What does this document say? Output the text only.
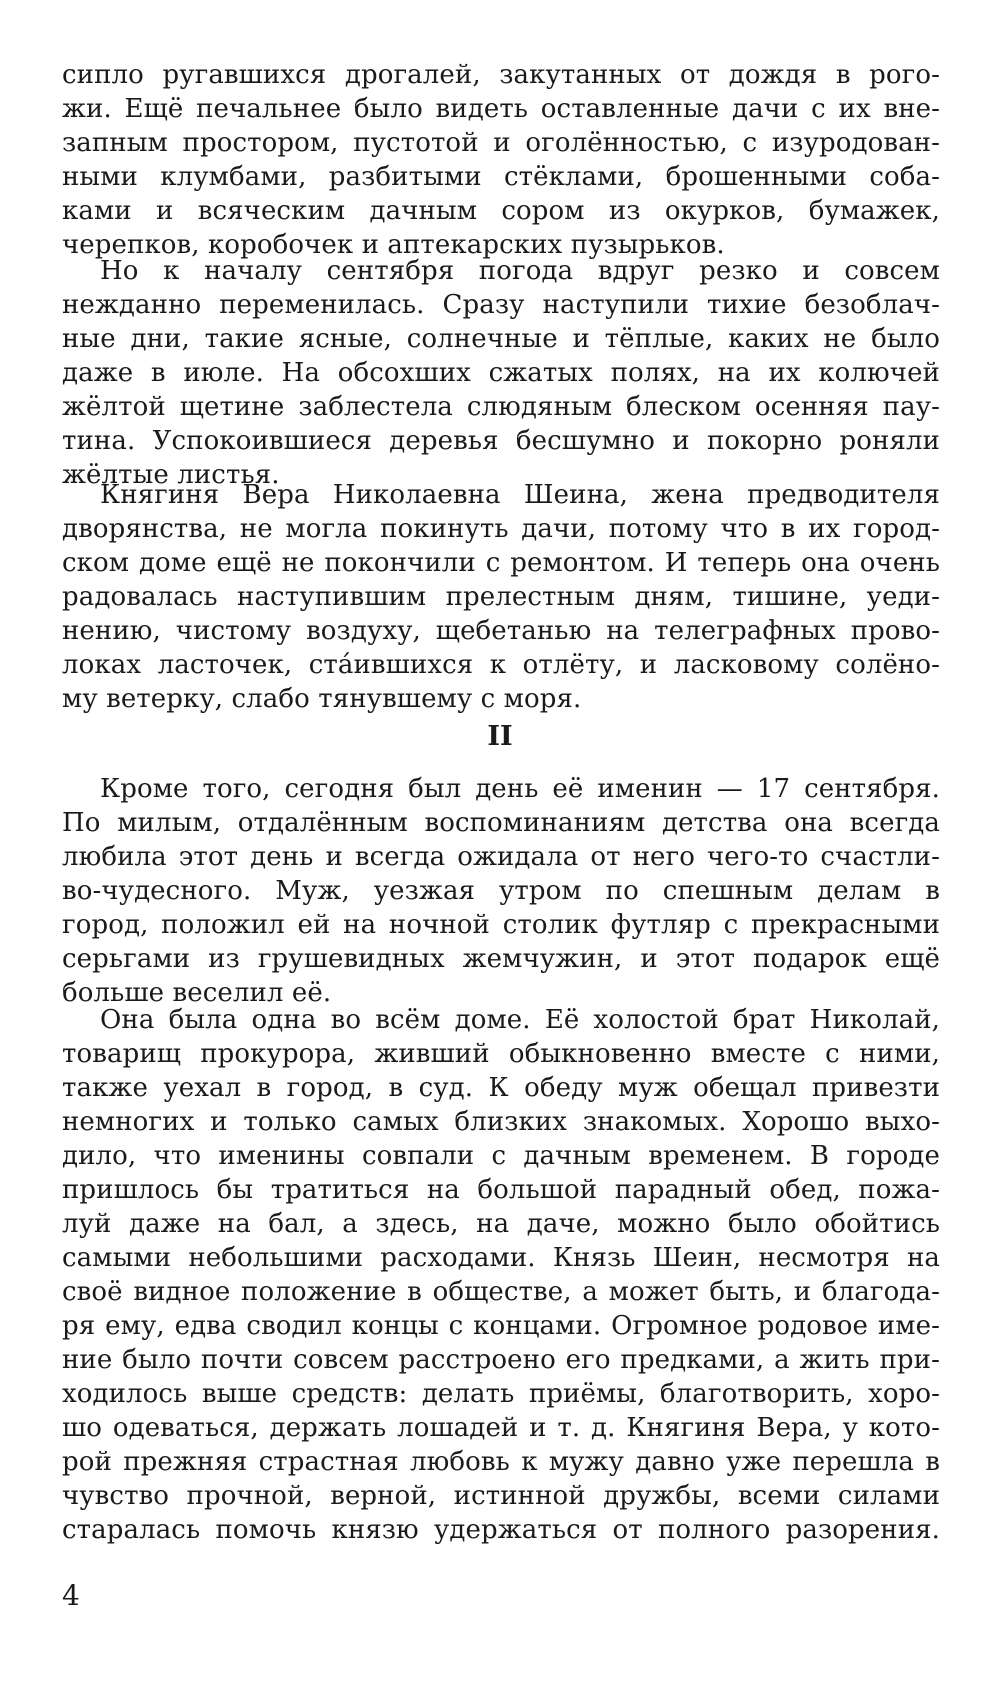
сипло ругавшихся дрогалей, закутанных от дождя в рого-
жи. Ещё печальнее было видеть оставленные дачи с их вне-
запным простором, пустотой и оголённостью, с изуродован-
ными клумбами, разбитыми стёклами, брошенными соба-
ками и всяческим дачным сором из окурков, бумажек,
черепков, коробочек и аптекарских пузырьков.
Но к началу сентября погода вдруг резко и совсем
нежданно переменилась. Сразу наступили тихие безоблач-
ные дни, такие ясные, солнечные и тёплые, каких не было
даже в июле. На обсохших сжатых полях, на их колючей
жёлтой щетине заблестела слюдяным блеском осенняя пау-
тина. Успокоившиеся деревья бесшумно и покорно роняли
жёлтые листья.
Княгиня Вера Николаевна Шеина, жена предводителя
дворянства, не могла покинуть дачи, потому что в их город-
ском доме ещё не покончили с ремонтом. И теперь она очень
радовалась наступившим прелестным дням, тишине, уеди-
нению, чистому воздуху, щебетанью на телеграфных прово-
локах ласточек, ста́ившихся к отлёту, и ласковому солёно-
му ветерку, слабо тянувшему с моря.
II
Кроме того, сегодня был день её именин — 17 сентября.
По милым, отдалённым воспоминаниям детства она всегда
любила этот день и всегда ожидала от него чего-то счастли-
во-чудесного. Муж, уезжая утром по спешным делам в
город, положил ей на ночной столик футляр с прекрасными
серьгами из грушевидных жемчужин, и этот подарок ещё
больше веселил её.
Она была одна во всём доме. Её холостой брат Николай,
товарищ прокурора, живший обыкновенно вместе с ними,
также уехал в город, в суд. К обеду муж обещал привезти
немногих и только самых близких знакомых. Хорошо выхо-
дило, что именины совпали с дачным временем. В городе
пришлось бы тратиться на большой парадный обед, пожа-
луй даже на бал, а здесь, на даче, можно было обойтись
самыми небольшими расходами. Князь Шеин, несмотря на
своё видное положение в обществе, а может быть, и благода-
ря ему, едва сводил концы с концами. Огромное родовое име-
ние было почти совсем расстроено его предками, а жить при-
ходилось выше средств: делать приёмы, благотворить, хоро-
шо одеваться, держать лошадей и т. д. Княгиня Вера, у кото-
рой прежняя страстная любовь к мужу давно уже перешла в
чувство прочной, верной, истинной дружбы, всеми силами
старалась помочь князю удержаться от полного разорения.
4
